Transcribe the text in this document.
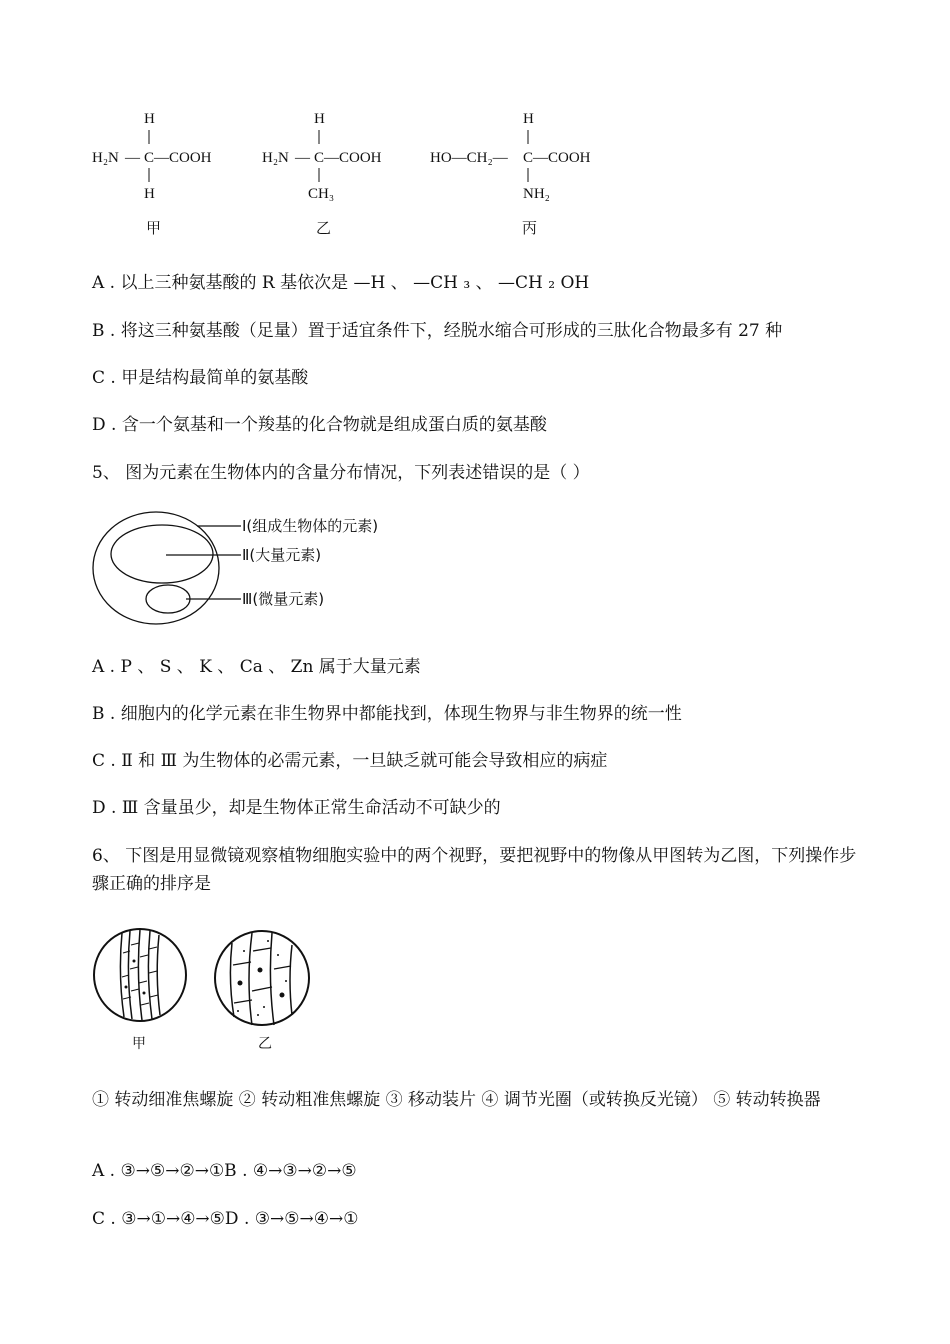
H₂N — C —COOH
H
H
甲
H₂N — C —COOH
H
CH₃
乙
HO—CH₂— C —COOH
H
NH₂
丙
A . 以上三种氨基酸的 R 基依次是 —H 、 —CH ₃ 、 —CH ₂ OH
B . 将这三种氨基酸（足量）置于适宜条件下，经脱水缩合可形成的三肽化合物最多有 27 种
C . 甲是结构最简单的氨基酸
D . 含一个氨基和一个羧基的化合物就是组成蛋白质的氨基酸
5、 图为元素在生物体内的含量分布情况，下列表述错误的是（ ）
Ⅰ(组成生物体的元素)
Ⅱ(大量元素)
Ⅲ(微量元素)
A . P 、 S 、 K 、 Ca 、 Zn 属于大量元素
B . 细胞内的化学元素在非生物界中都能找到，体现生物界与非生物界的统一性
C . Ⅱ 和 Ⅲ 为生物体的必需元素，一旦缺乏就可能会导致相应的病症
D . Ⅲ 含量虽少，却是生物体正常生命活动不可缺少的
6、 下图是用显微镜观察植物细胞实验中的两个视野，要把视野中的物像从甲图转为乙图，下列操作步骤正确的排序是
甲	乙
① 转动细准焦螺旋 ② 转动粗准焦螺旋 ③ 移动装片 ④ 调节光圈（或转换反光镜） ⑤ 转动转换器
A . ③→⑤→②→①B . ④→③→②→⑤
C . ③→①→④→⑤D . ③→⑤→④→①
